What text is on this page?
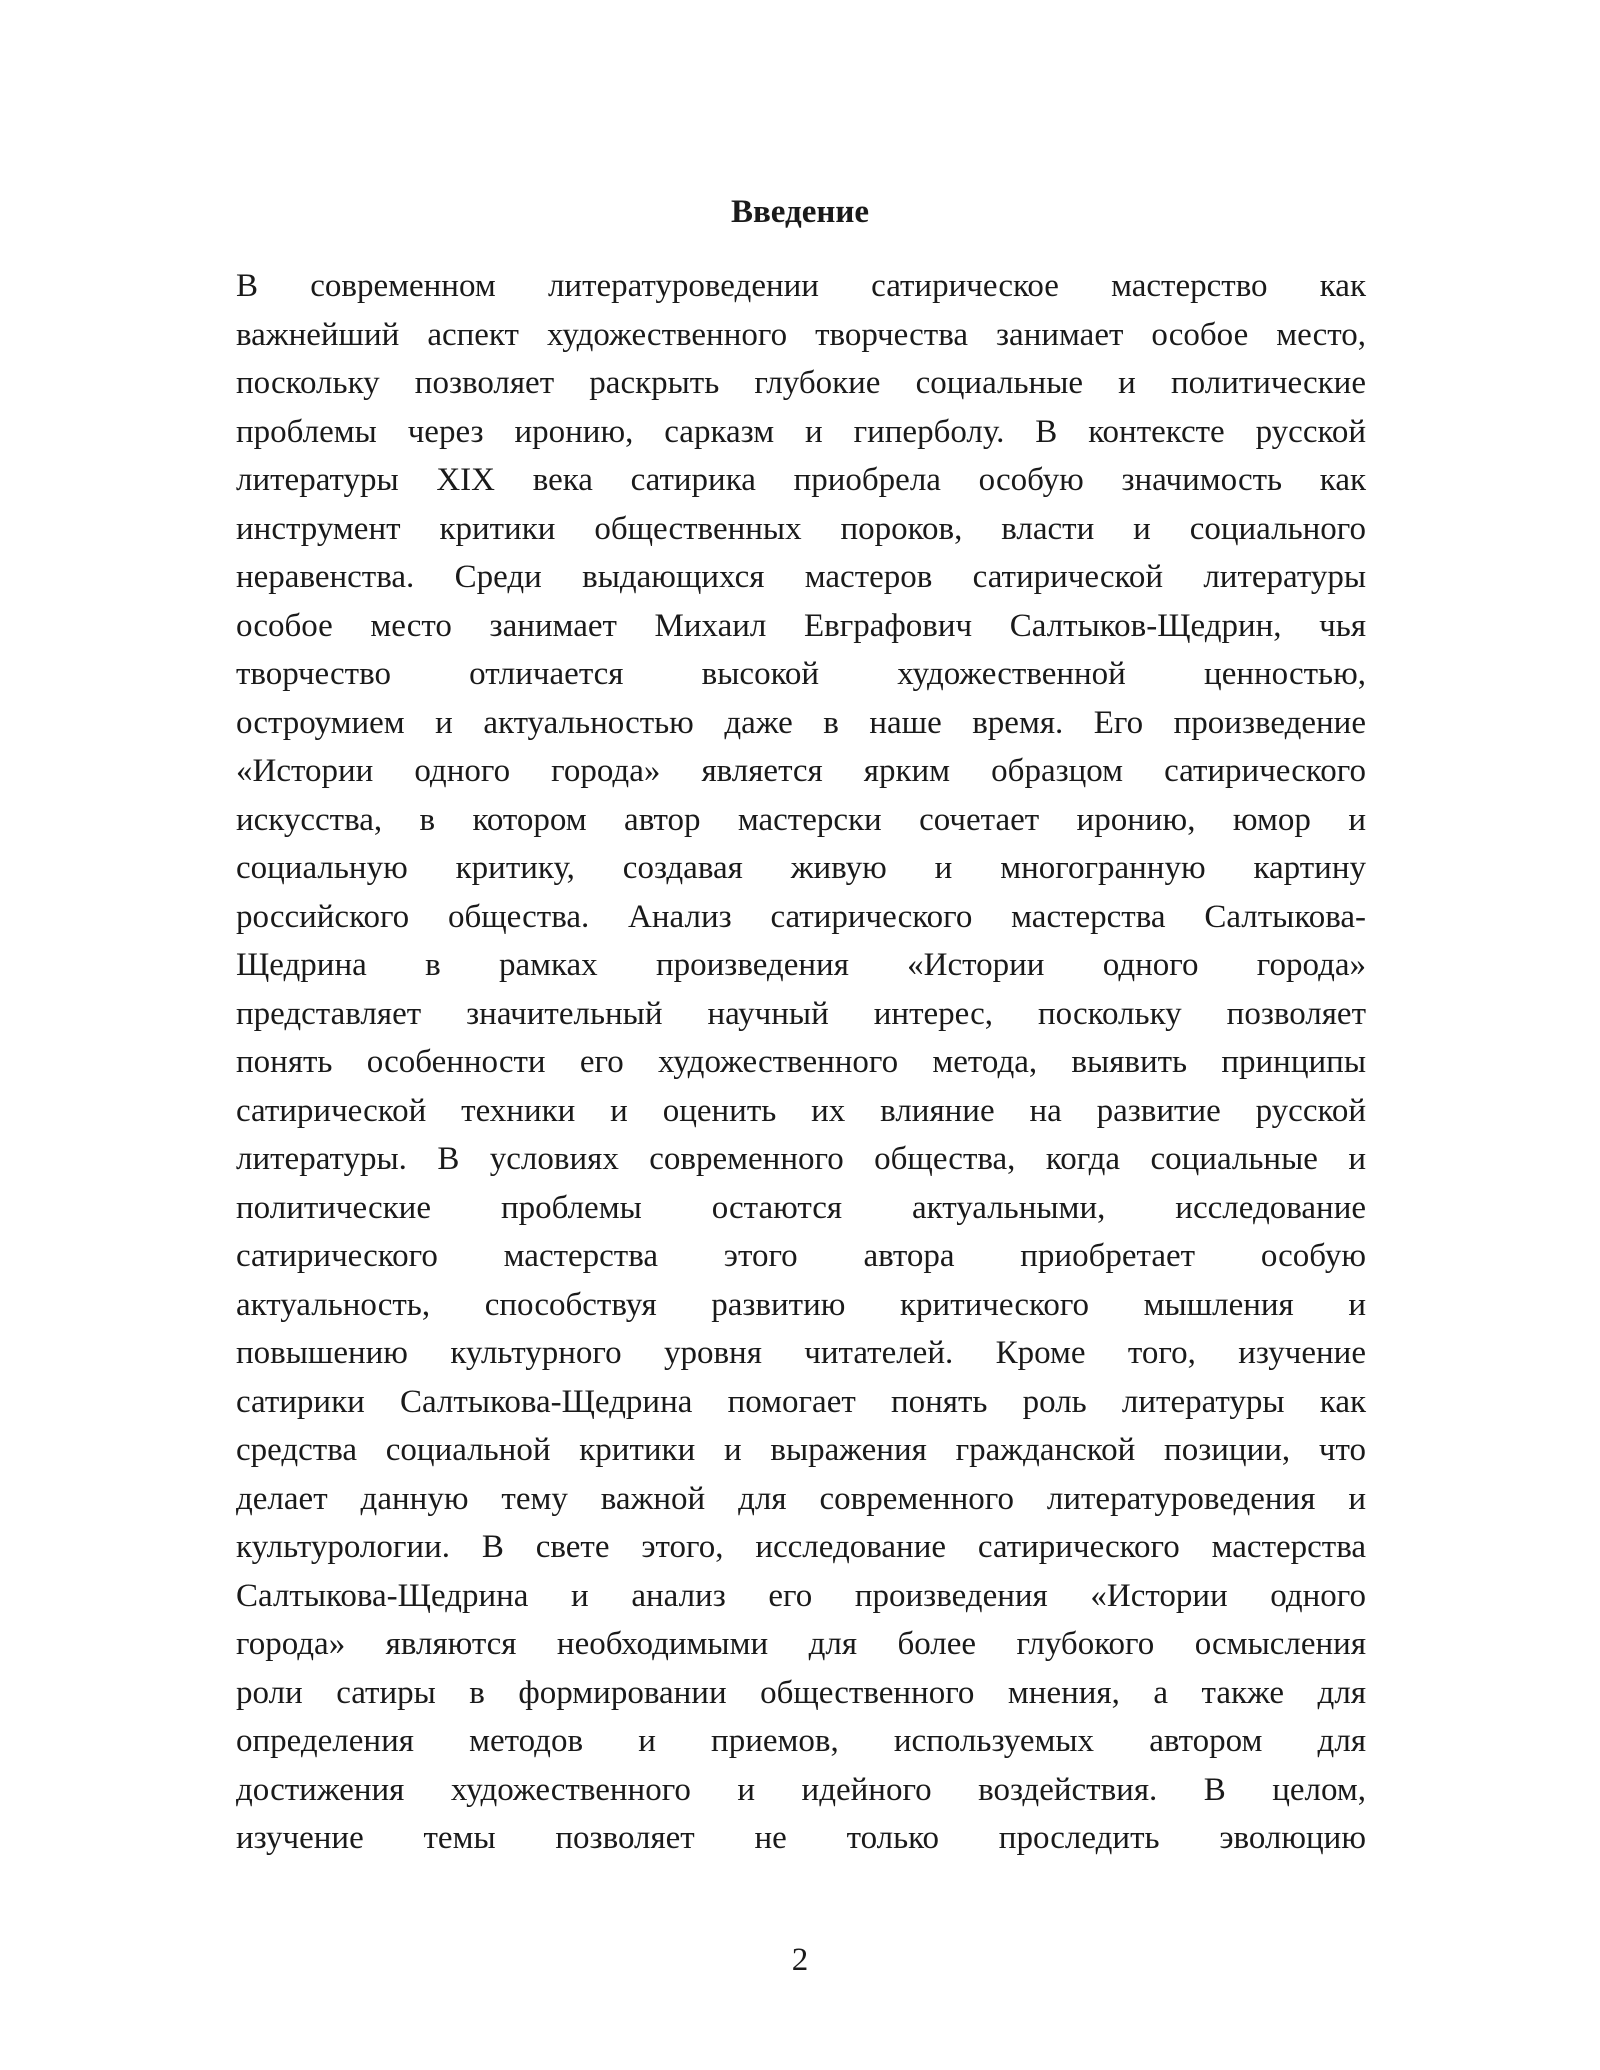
Введение
В современном литературоведении сатирическое мастерство как
важнейший аспект художественного творчества занимает особое место,
поскольку позволяет раскрыть глубокие социальные и политические
проблемы через иронию, сарказм и гиперболу. В контексте русской
литературы XIX века сатирика приобрела особую значимость как
инструмент критики общественных пороков, власти и социального
неравенства. Среди выдающихся мастеров сатирической литературы
особое место занимает Михаил Евграфович Салтыков-Щедрин, чья
творчество отличается высокой художественной ценностью,
остроумием и актуальностью даже в наше время. Его произведение
«Истории одного города» является ярким образцом сатирического
искусства, в котором автор мастерски сочетает иронию, юмор и
социальную критику, создавая живую и многогранную картину
российского общества. Анализ сатирического мастерства Салтыкова-
Щедрина в рамках произведения «Истории одного города»
представляет значительный научный интерес, поскольку позволяет
понять особенности его художественного метода, выявить принципы
сатирической техники и оценить их влияние на развитие русской
литературы. В условиях современного общества, когда социальные и
политические проблемы остаются актуальными, исследование
сатирического мастерства этого автора приобретает особую
актуальность, способствуя развитию критического мышления и
повышению культурного уровня читателей. Кроме того, изучение
сатирики Салтыкова-Щедрина помогает понять роль литературы как
средства социальной критики и выражения гражданской позиции, что
делает данную тему важной для современного литературоведения и
культурологии. В свете этого, исследование сатирического мастерства
Салтыкова-Щедрина и анализ его произведения «Истории одного
города» являются необходимыми для более глубокого осмысления
роли сатиры в формировании общественного мнения, а также для
определения методов и приемов, используемых автором для
достижения художественного и идейного воздействия. В целом,
изучение темы позволяет не только проследить эволюцию
2
